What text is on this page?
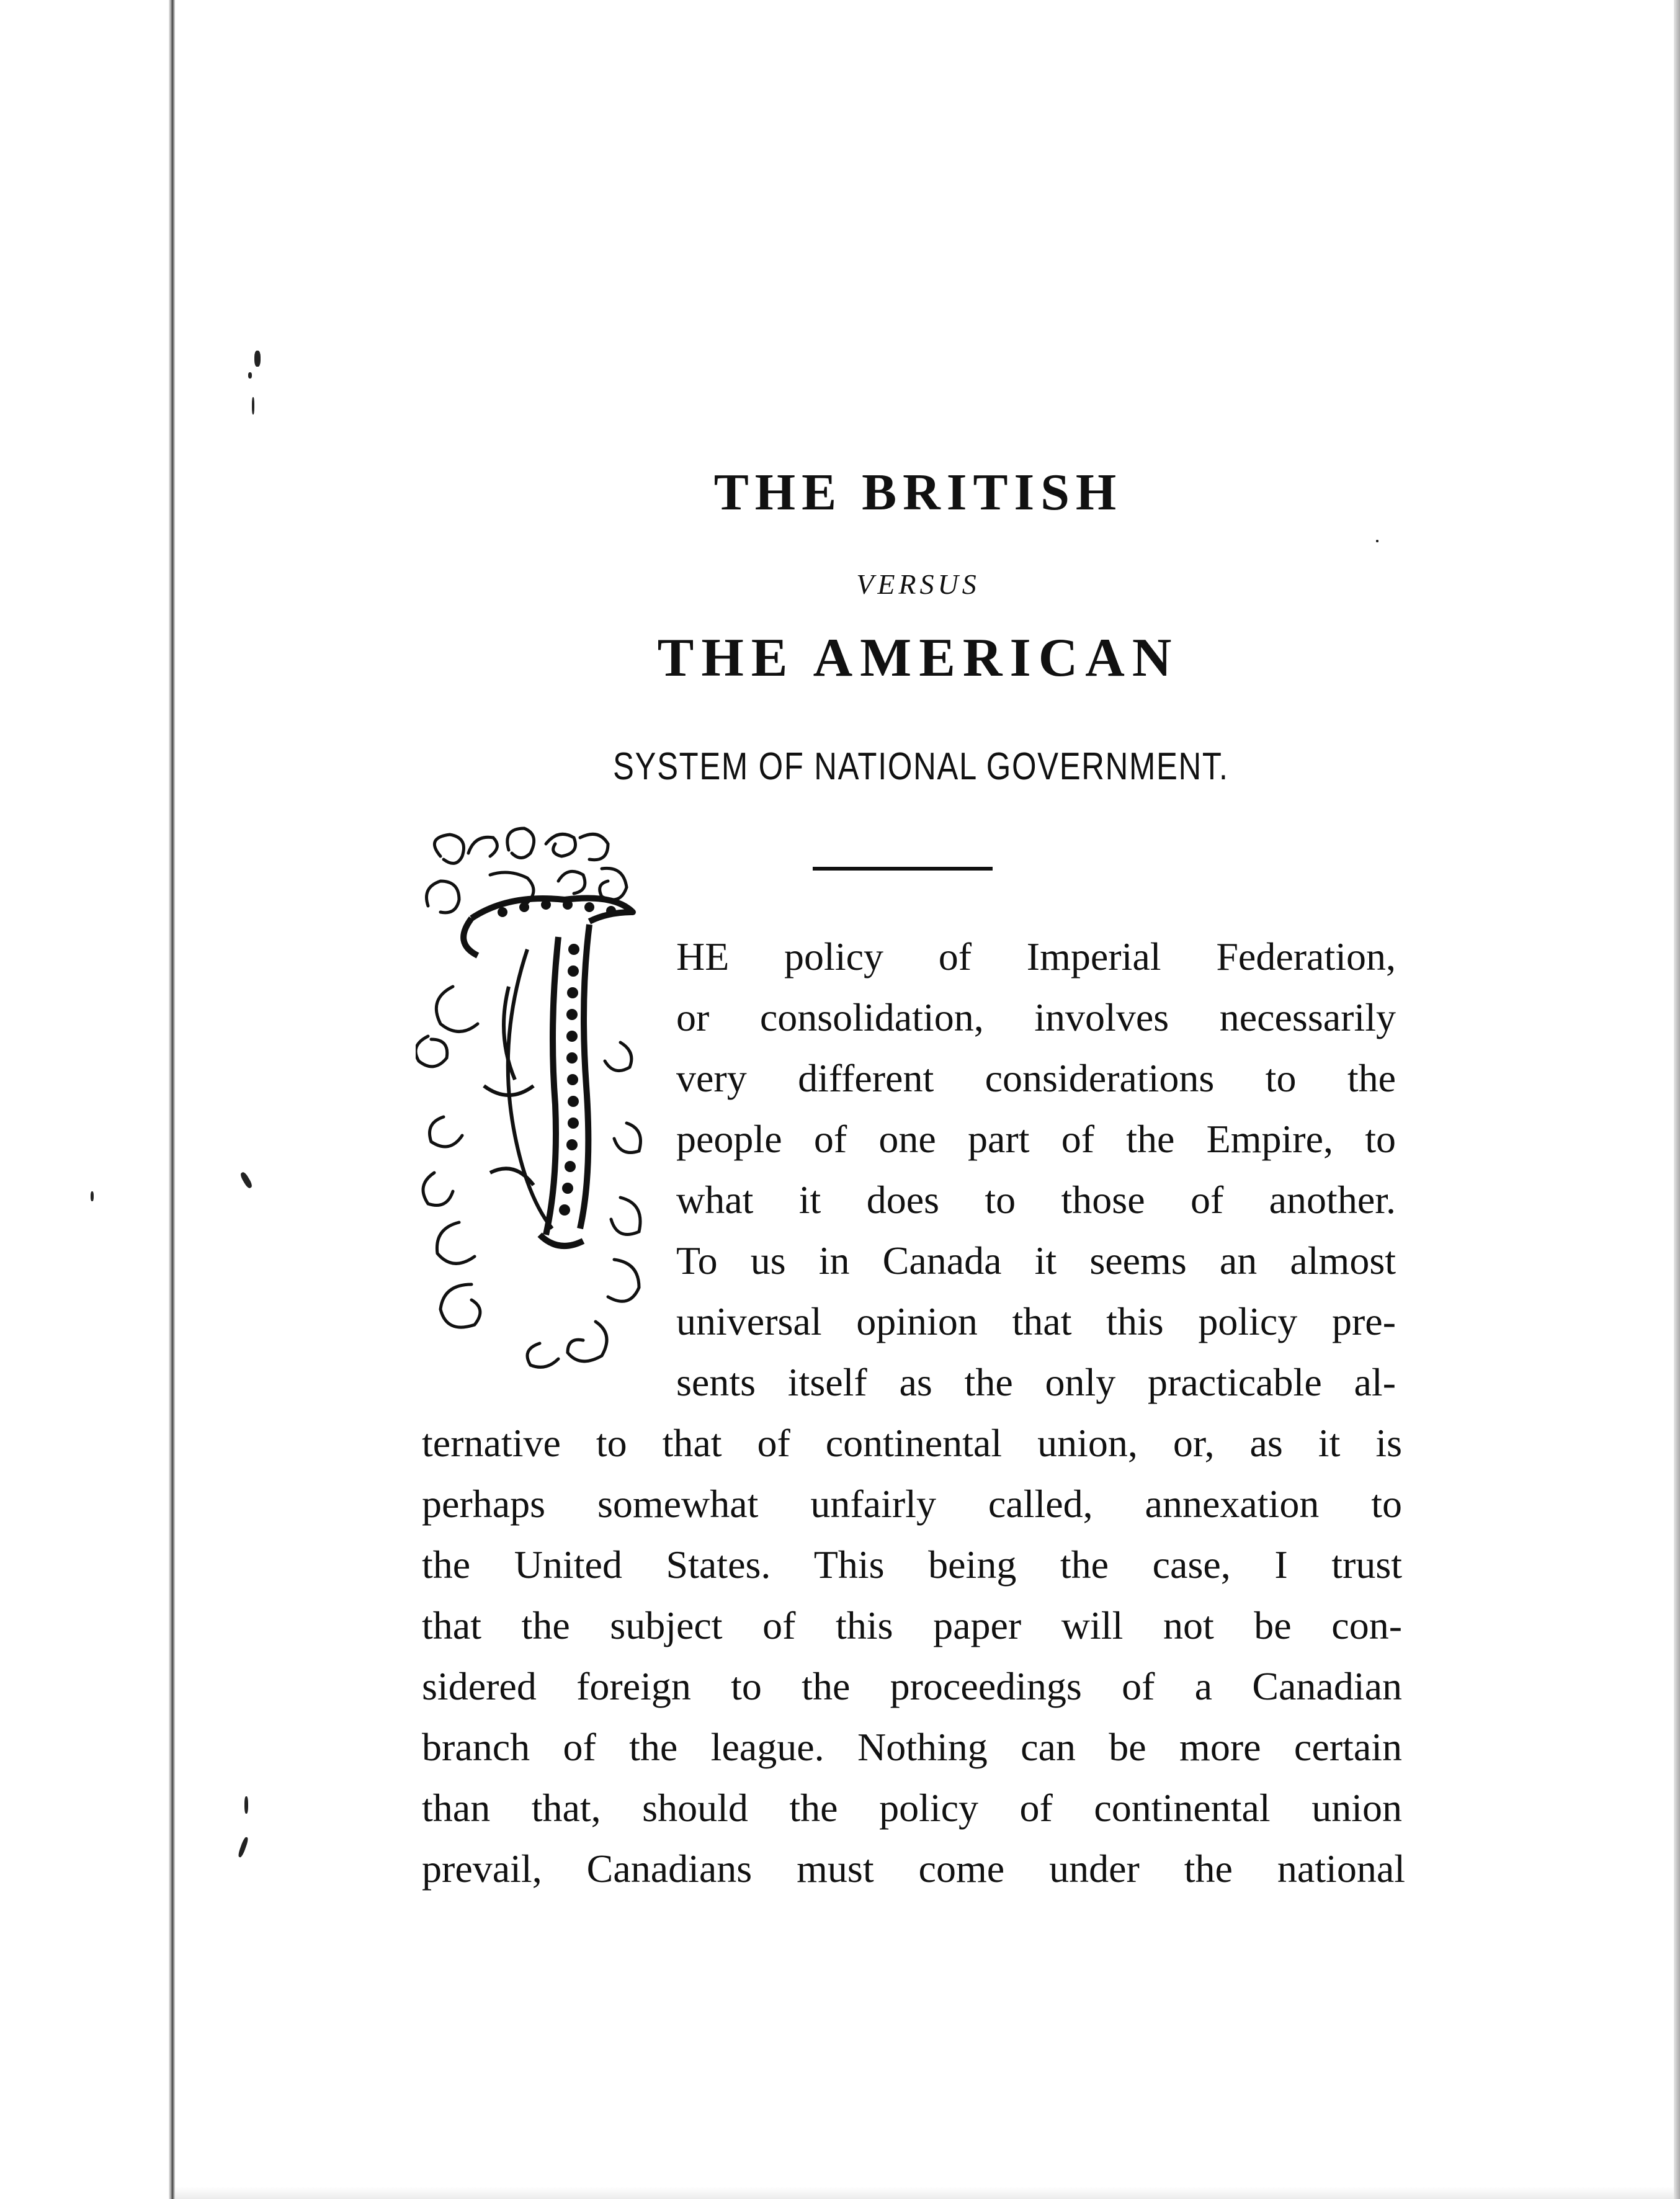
THE BRITISH
VERSUS
THE AMERICAN
SYSTEM OF NATIONAL GOVERNMENT.
HE policy of Imperial Federation,
or consolidation, involves necessarily
very different considerations to the
people of one part of the Empire, to
what it does to those of another.
To us in Canada it seems an almost
universal opinion that this policy pre-
sents itself as the only practicable al-
ternative to that of continental union, or, as it is
perhaps somewhat unfairly called, annexation to
the United States. This being the case, I trust
that the subject of this paper will not be con-
sidered foreign to the proceedings of a Canadian
branch of the league. Nothing can be more certain
than that, should the policy of continental union
prevail, Canadians must come under the national
